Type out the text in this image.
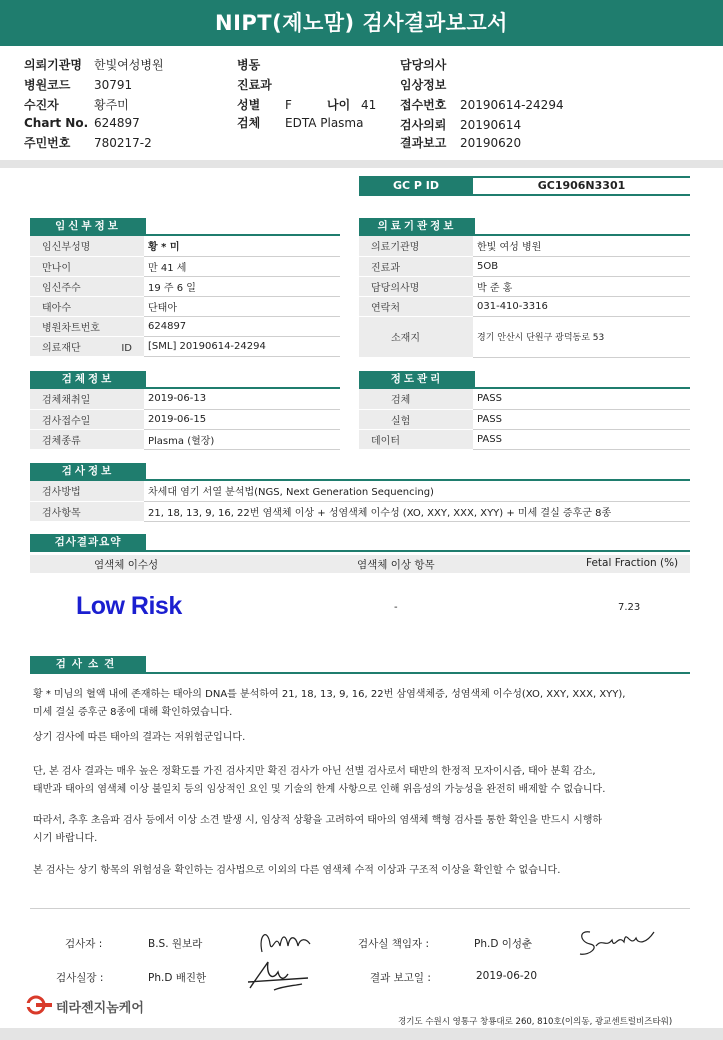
NIPT(제노맘) 검사결과보고서
의뢰기관명 한빛여성병원
병원코드 30791
수진자	황주미
Chart No. 624897
주민번호 780217-2
병동
진료과
성별 F	나이 41
검체 EDTA Plasma
담당의사
임상정보
접수번호 20190614-24294
검사의뢰 20190614
결과보고 20190620
GC P ID	GC1906N3301
임신부정보
임신부성명	황 * 미
만나이	만 41 세
임신주수	19 주 6 일
태아수	단태아
병원차트번호	624897
의료재단 ID	[SML] 20190614-24294
의료기관정보
의료기관명	한빛 여성 병원
진료과	5OB
담당의사명	박 준 홍
연락처	031-410-3316
소재지	경기 안산시 단원구 광덕동로 53
검체정보
검체채취일	2019-06-13
검사접수일	2019-06-15
검체종류	Plasma (혈장)
정도관리
검체	PASS
실험	PASS
데이터	PASS
검사정보
검사방법	차세대 염기 서열 분석법(NGS, Next Generation Sequencing)
검사항목	21, 18, 13, 9, 16, 22번 염색체 이상 + 성염색체 이수성 (XO, XXY, XXX, XYY) + 미세 결실 증후군 8종
검사결과요약
염색체 이수성	염색체 이상 항목	Fetal Fraction (%)
Low Risk	-	7.23
검사소견
황 * 미님의 혈액 내에 존재하는 태아의 DNA를 분석하여 21, 18, 13, 9, 16, 22번 삼염색체증, 성염색체 이수성(XO, XXY, XXX, XYY),
미세 결실 증후군 8종에 대해 확인하였습니다.
상기 검사에 따른 태아의 결과는 저위험군입니다.
단, 본 검사 결과는 매우 높은 정확도를 가진 검사지만 확진 검사가 아닌 선별 검사로서 태반의 한정적 모자이시즘, 태아 분획 감소,
태반과 태아의 염색체 이상 불일치 등의 임상적인 요인 및 기술의 한계 사항으로 인해 위음성의 가능성을 완전히 배제할 수 없습니다.
따라서, 추후 초음파 검사 등에서 이상 소견 발생 시, 임상적 상황을 고려하여 태아의 염색체 핵형 검사를 통한 확인을 반드시 시행하
시기 바랍니다.
본 검사는 상기 항목의 위험성을 확인하는 검사법으로 이외의 다른 염색체 수적 이상과 구조적 이상을 확인할 수 없습니다.
검사자 :	B.S. 원보라	검사실 책임자 :	Ph.D 이성춘
검사실장 :	Ph.D 배진한	결과 보고일 :	2019-06-20
테라젠지놈케어
경기도 수원시 영통구 창룡대로 260, 810호(이의동, 광교센트럴비즈타워)
